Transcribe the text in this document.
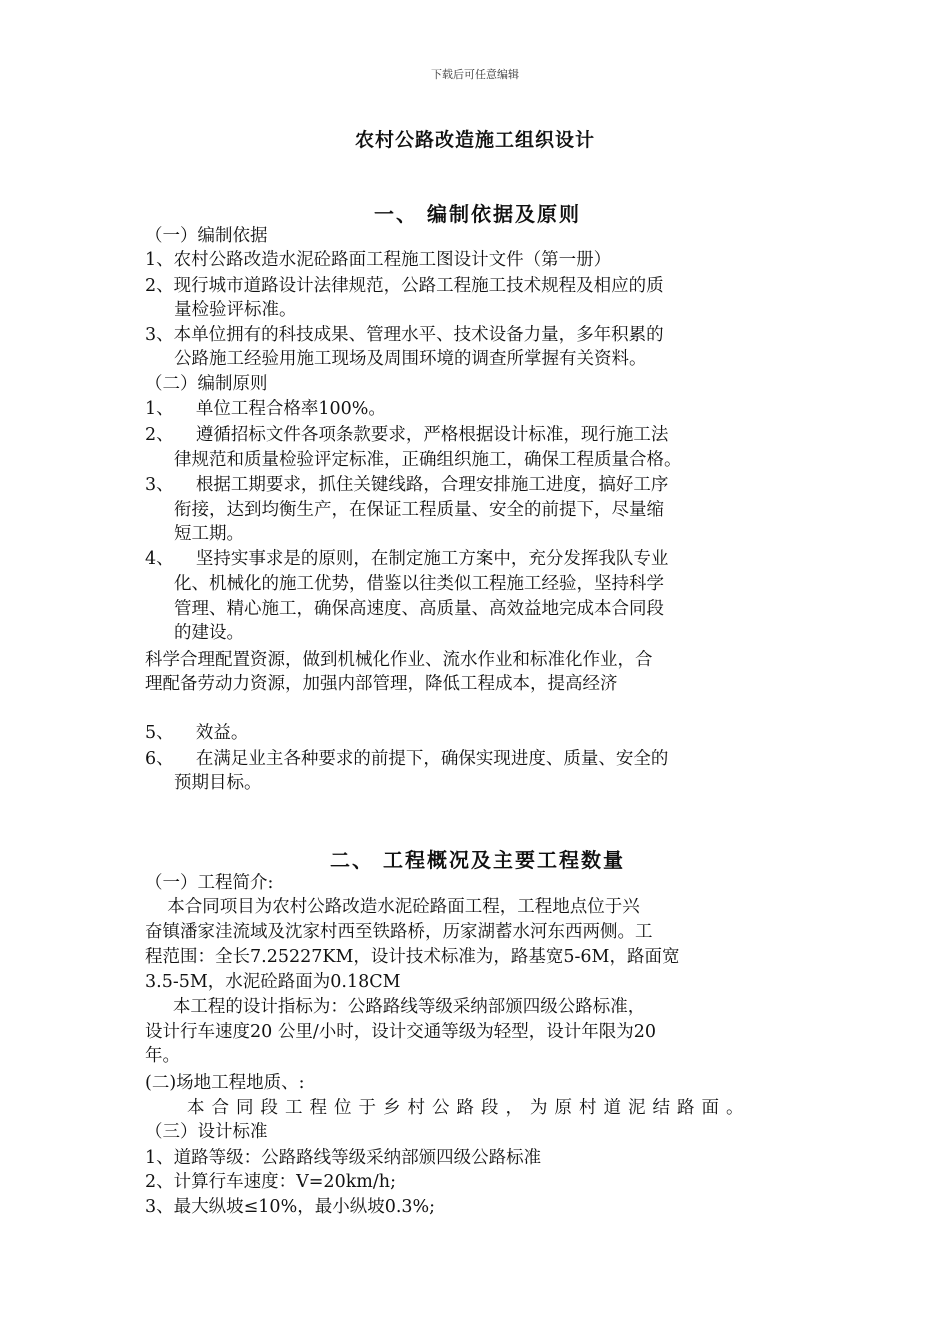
下载后可任意编辑
农村公路改造施工组织设计
一、 编制依据及原则
（一）编制依据
1、农村公路改造水泥砼路面工程施工图设计文件（第一册）
2、现行城市道路设计法律规范，公路工程施工技术规程及相应的质
量检验评标准。
3、本单位拥有的科技成果、管理水平、技术设备力量，多年积累的
公路施工经验用施工现场及周围环境的调查所掌握有关资料。
（二）编制原则
1、    单位工程合格率100%。
2、    遵循招标文件各项条款要求，严格根据设计标准，现行施工法
律规范和质量检验评定标准，正确组织施工，确保工程质量合格。
3、    根据工期要求，抓住关键线路，合理安排施工进度，搞好工序
衔接，达到均衡生产，在保证工程质量、安全的前提下，尽量缩
短工期。
4、    坚持实事求是的原则，在制定施工方案中，充分发挥我队专业
化、机械化的施工优势，借鉴以往类似工程施工经验，坚持科学
管理、精心施工，确保高速度、高质量、高效益地完成本合同段
的建设。
科学合理配置资源，做到机械化作业、流水作业和标准化作业，合
理配备劳动力资源，加强内部管理，降低工程成本，提高经济
5、    效益。
6、    在满足业主各种要求的前提下，确保实现进度、质量、安全的
预期目标。
二、 工程概况及主要工程数量
（一）工程简介:
本合同项目为农村公路改造水泥砼路面工程，工程地点位于兴
奋镇潘家洼流域及沈家村西至铁路桥，历家湖蓄水河东西两侧。工
程范围：全长7.25227KM，设计技术标准为，路基宽5-6M，路面宽
3.5-5M，水泥砼路面为0.18CM
本工程的设计指标为：公路路线等级采纳部颁四级公路标准，
设计行车速度20 公里/小时，设计交通等级为轻型，设计年限为20
年。
(二)场地工程地质、:
本合同段工程位于乡村公路段，为原村道泥结路面。
（三）设计标准
1、道路等级：公路路线等级采纳部颁四级公路标准
2、计算行车速度：V=20km/h;
3、最大纵坡≤10%，最小纵坡0.3%;
